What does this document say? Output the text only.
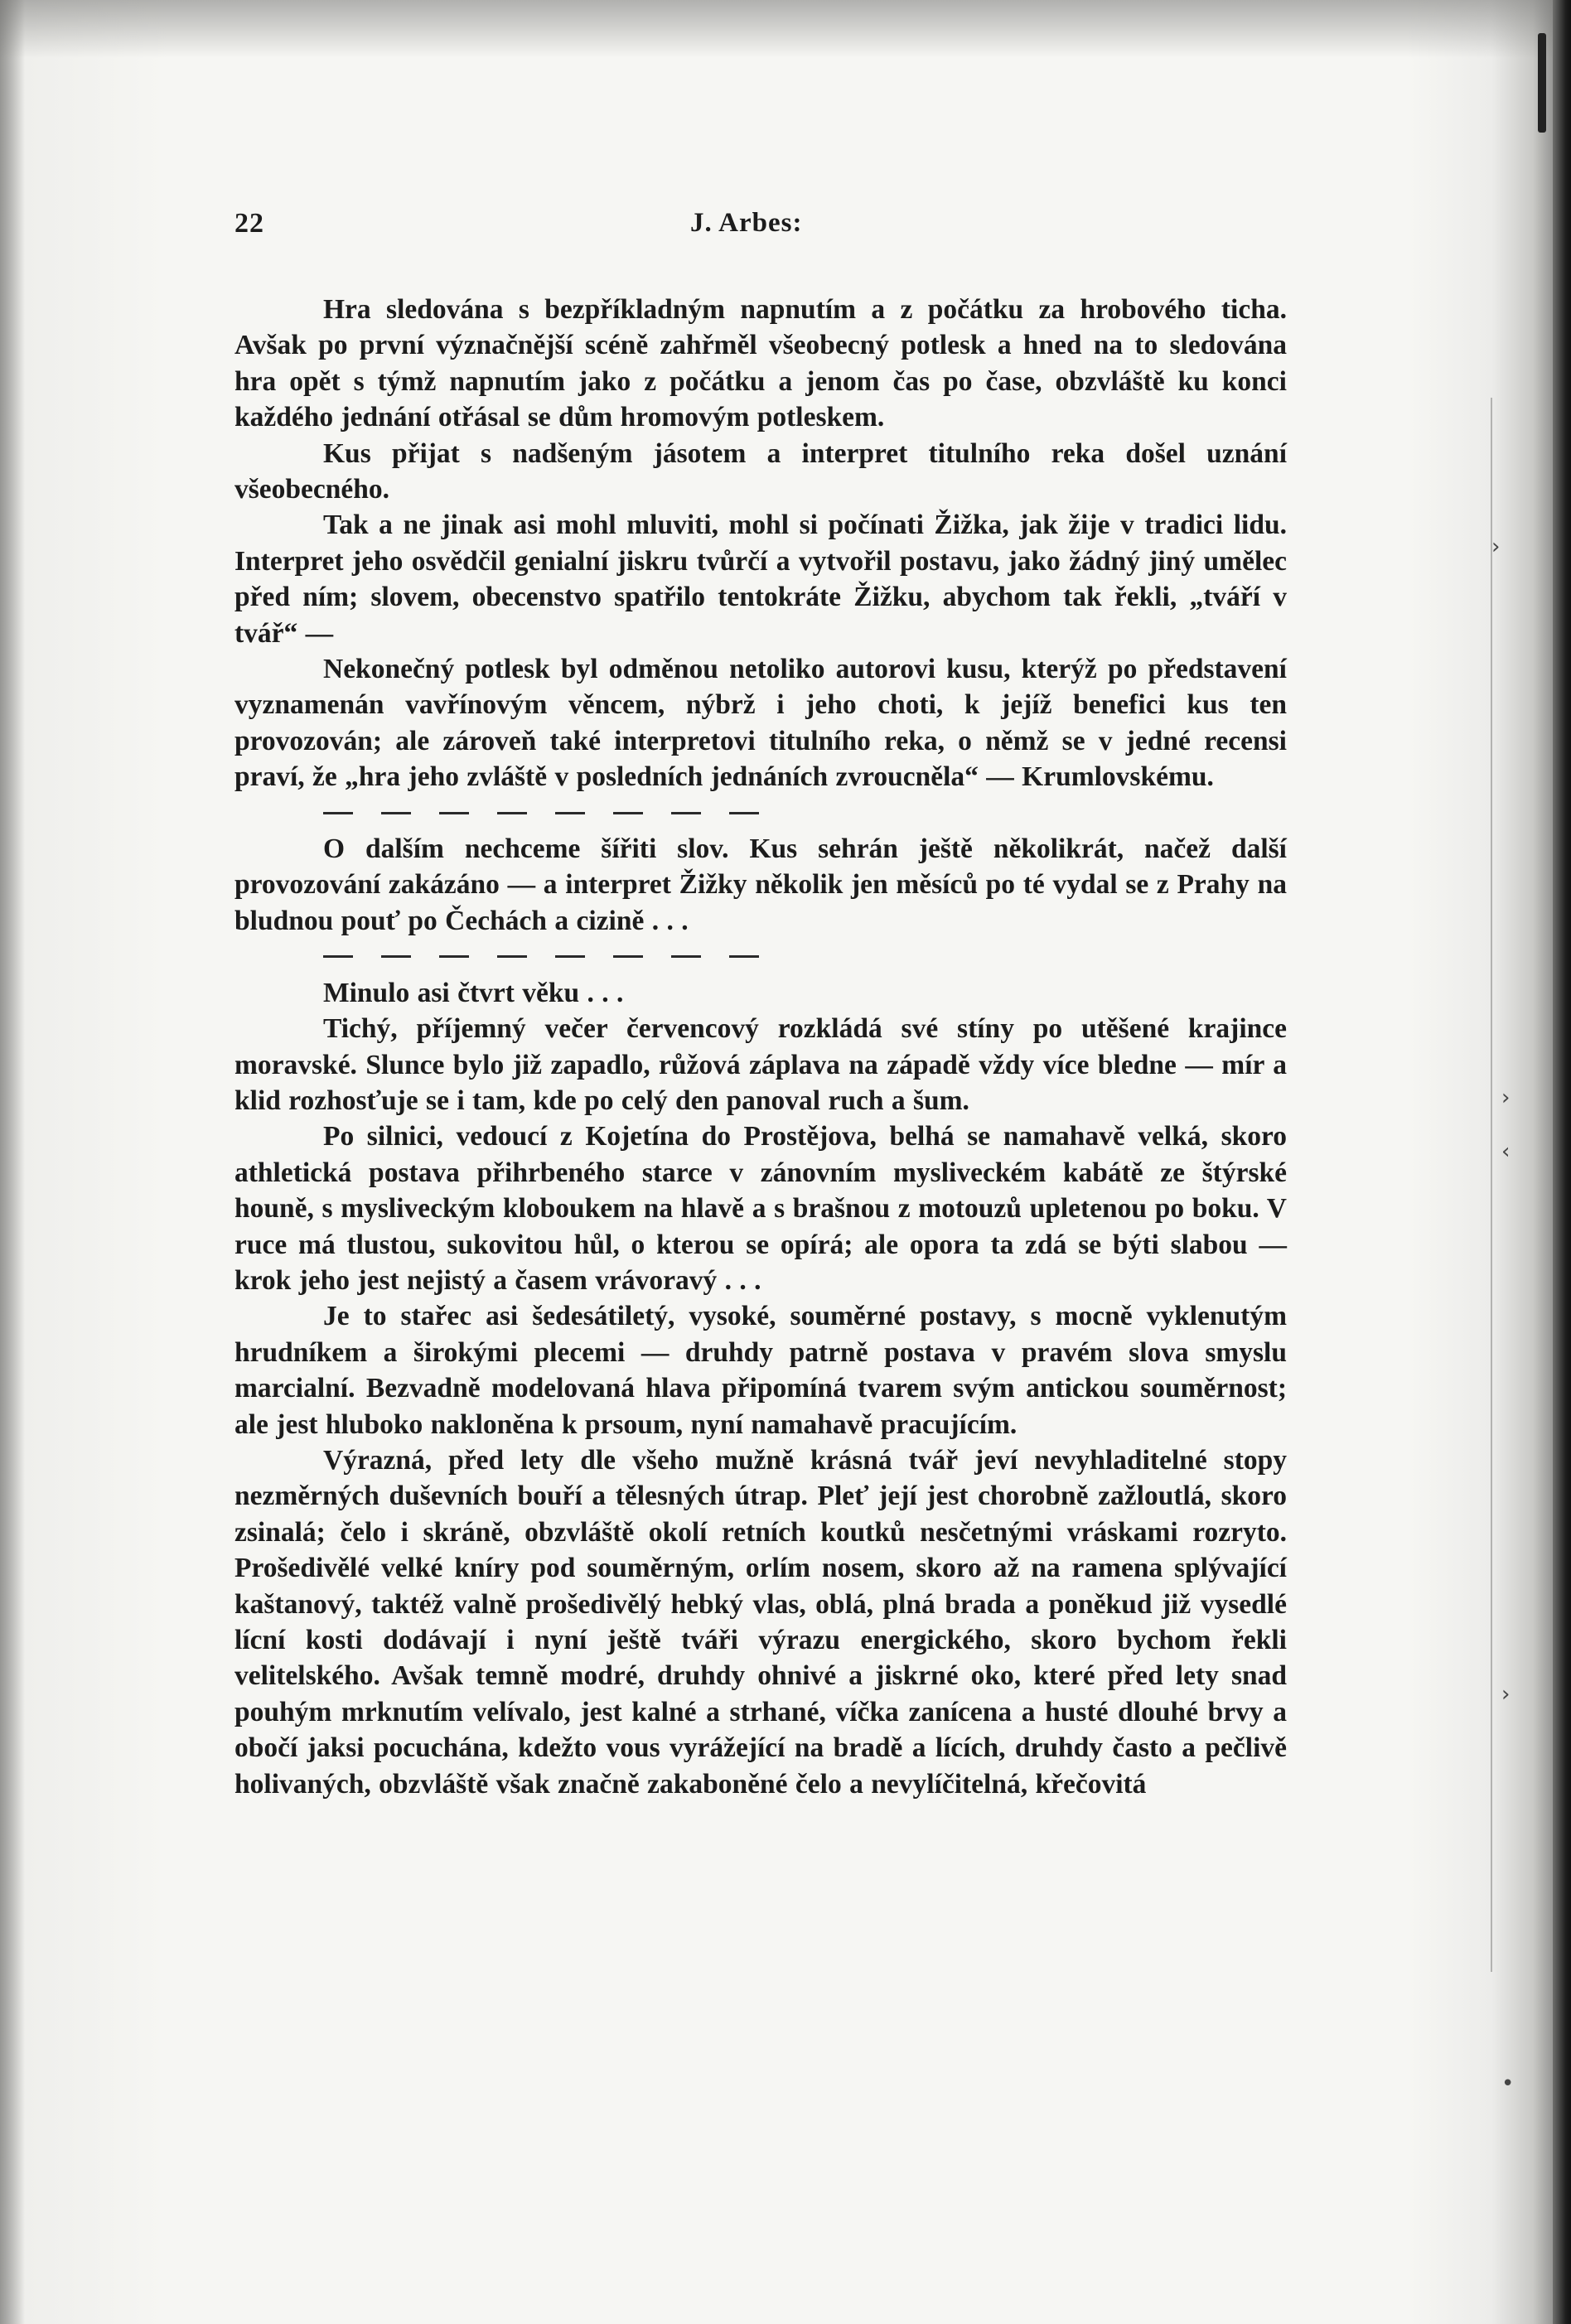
›
›
‹
›
•
22	J. Arbes:

Hra sledována s bezpříkladným napnutím a z počátku za hrobového ticha. Avšak po první význačnější scéně zahřměl všeobecný potlesk a hned na to sledována hra opět s týmž napnutím jako z počátku a jenom čas po čase, obzvláště ku konci každého jednání otřásal se dům hromovým potleskem.

Kus přijat s nadšeným jásotem a interpret titulního reka došel uznání všeobecného.

Tak a ne jinak asi mohl mluviti, mohl si počínati Žižka, jak žije v tradici lidu. Interpret jeho osvědčil genialní jiskru tvůrčí a vytvořil postavu, jako žádný jiný umělec před ním; slovem, obecenstvo spatřilo tentokráte Žižku, abychom tak řekli, „tváří v tvář“ —

Nekonečný potlesk byl odměnou netoliko autorovi kusu, kterýž po představení vyznamenán vavřínovým věncem, nýbrž i jeho choti, k jejíž benefici kus ten provozován; ale zároveň také interpretovi titulního reka, o němž se v jedné recensi praví, že „hra jeho zvláště v posledních jednáních zvroucněla“ — Krumlovskému.

O dalším nechceme šířiti slov. Kus sehrán ještě několikrát, načež další provozování zakázáno — a interpret Žižky několik jen měsíců po té vydal se z Prahy na bludnou pouť po Čechách a cizině . . .

Minulo asi čtvrt věku . . .

Tichý, příjemný večer červencový rozkládá své stíny po utěšené krajince moravské. Slunce bylo již zapadlo, růžová záplava na západě vždy více bledne — mír a klid rozhosťuje se i tam, kde po celý den panoval ruch a šum.

Po silnici, vedoucí z Kojetína do Prostějova, belhá se namahavě velká, skoro athletická postava přihrbeného starce v zánovním mysliveckém kabátě ze štýrské houně, s mysliveckým kloboukem na hlavě a s brašnou z motouzů upletenou po boku. V ruce má tlustou, sukovitou hůl, o kterou se opírá; ale opora ta zdá se býti slabou — krok jeho jest nejistý a časem vrávoravý . . .

Je to stařec asi šedesátiletý, vysoké, souměrné postavy, s mocně vyklenutým hrudníkem a širokými plecemi — druhdy patrně postava v pravém slova smyslu marcialní. Bezvadně modelovaná hlava připomíná tvarem svým antickou souměrnost; ale jest hluboko nakloněna k prsoum, nyní namahavě pracujícím.

Výrazná, před lety dle všeho mužně krásná tvář jeví nevyhladitelné stopy nezměrných duševních bouří a tělesných útrap. Pleť její jest chorobně zažloutlá, skoro zsinalá; čelo i skráně, obzvláště okolí retních koutků nesčetnými vráskami rozryto. Prošedivělé velké kníry pod souměrným, orlím nosem, skoro až na ramena splývající kaštanový, taktéž valně prošedivělý hebký vlas, oblá, plná brada a poněkud již vysedlé lícní kosti dodávají i nyní ještě tváři výrazu energického, skoro bychom řekli velitelského. Avšak temně modré, druhdy ohnivé a jiskrné oko, které před lety snad pouhým mrknutím velívalo, jest kalné a strhané, víčka zanícena a husté dlouhé brvy a obočí jaksi pocuchána, kdežto vous vyrážející na bradě a lících, druhdy často a pečlivě holivaných, obzvláště však značně zakaboněné čelo a nevylíčitelná, křečovitá
